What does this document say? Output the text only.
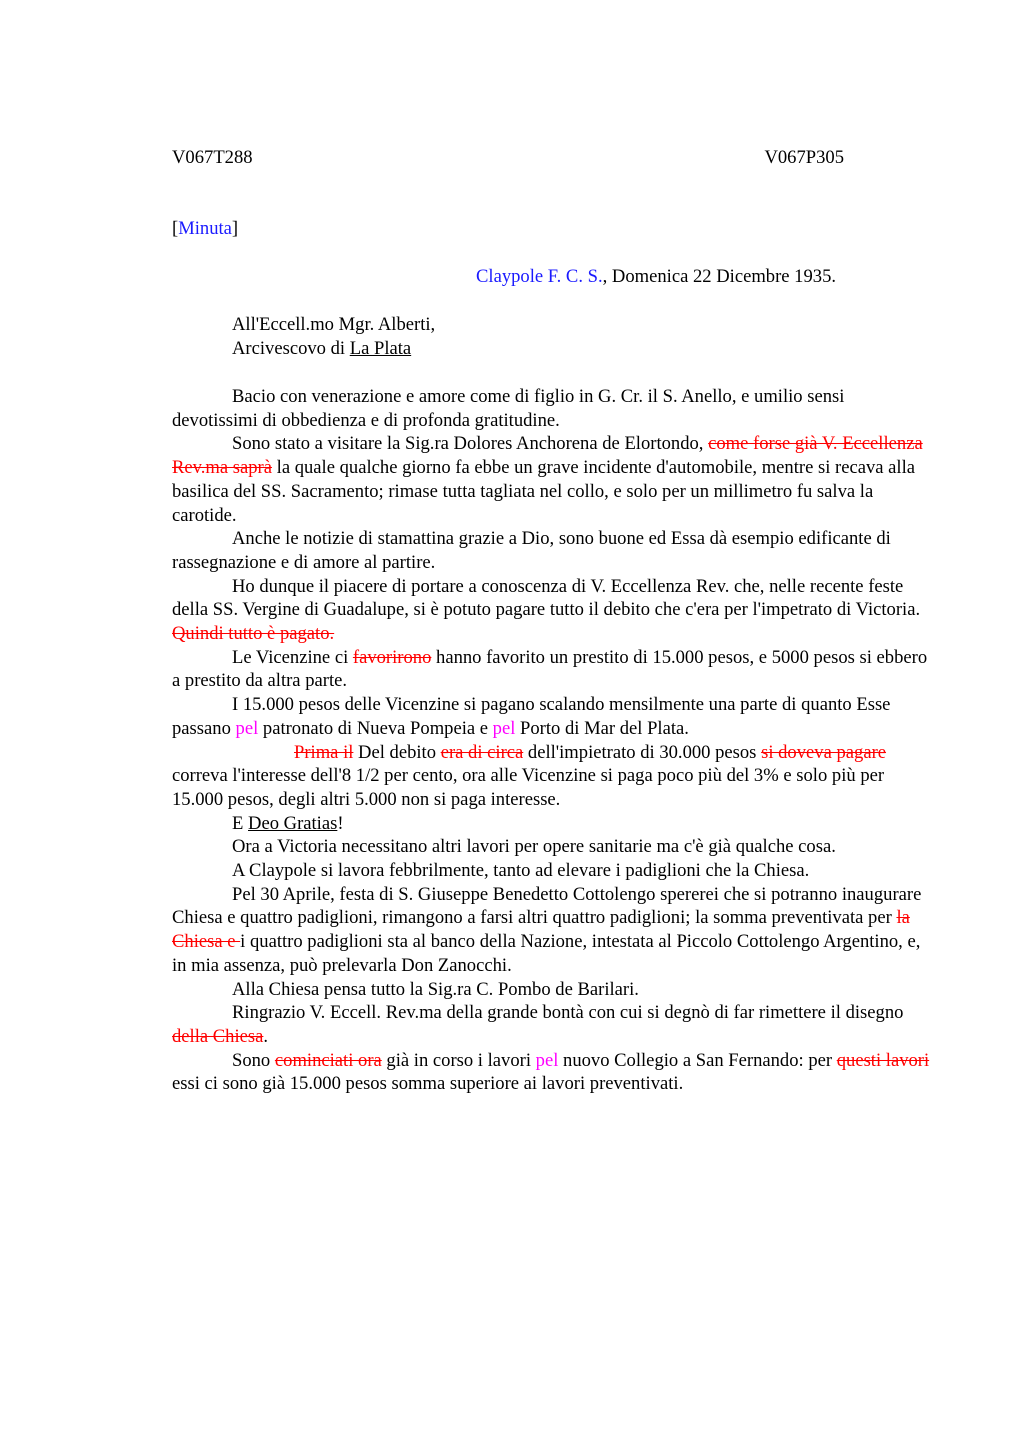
V067T288	V067P305
[Minuta]
Claypole F. C. S., Domenica 22 Dicembre 1935.
All'Eccell.mo Mgr. Alberti,
Arcivescovo di La Plata

Bacio con venerazione e amore come di figlio in G. Cr. il S. Anello, e umilio sensi devotissimi di obbedienza e di profonda gratitudine.

Sono stato a visitare la Sig.ra Dolores Anchorena de Elortondo, come forse già V. Eccellenza Rev.ma saprà la quale qualche giorno fa ebbe un grave incidente d'automobile, mentre si recava alla basilica del SS. Sacramento; rimase tutta tagliata nel collo, e solo per un millimetro fu salva la carotide.

Anche le notizie di stamattina grazie a Dio, sono buone ed Essa dà esempio edificante di rassegnazione e di amore al partire.

Ho dunque il piacere di portare a conoscenza di V. Eccellenza Rev. che, nelle recente feste della SS. Vergine di Guadalupe, si è potuto pagare tutto il debito che c'era per l'impetrato di Victoria. Quindi tutto è pagato.

Le Vicenzine ci favorirono hanno favorito un prestito di 15.000 pesos, e 5000 pesos si ebbero a prestito da altra parte.

I 15.000 pesos delle Vicenzine si pagano scalando mensilmente una parte di quanto Esse passano pel patronato di Nueva Pompeia e pel Porto di Mar del Plata.

Prima il Del debito era di circa dell'impietrato di 30.000 pesos si doveva pagare correva l'interesse dell'8 1/2 per cento, ora alle Vicenzine si paga poco più del 3% e solo più per 15.000 pesos, degli altri 5.000 non si paga interesse.

E Deo Gratias!

Ora a Victoria necessitano altri lavori per opere sanitarie ma c'è già qualche cosa.

A Claypole si lavora febbrilmente, tanto ad elevare i padiglioni che la Chiesa.

Pel 30 Aprile, festa di S. Giuseppe Benedetto Cottolengo spererei che si potranno inaugurare Chiesa e quattro padiglioni, rimangono a farsi altri quattro padiglioni; la somma preventivata per la Chiesa e i quattro padiglioni sta al banco della Nazione, intestata al Piccolo Cottolengo Argentino, e, in mia assenza, può prelevarla Don Zanocchi.

Alla Chiesa pensa tutto la Sig.ra C. Pombo de Barilari.

Ringrazio V. Eccell. Rev.ma della grande bontà con cui si degnò di far rimettere il disegno della Chiesa.

Sono cominciati ora già in corso i lavori pel nuovo Collegio a San Fernando: per questi lavori essi ci sono già 15.000 pesos somma superiore ai lavori preventivati.
